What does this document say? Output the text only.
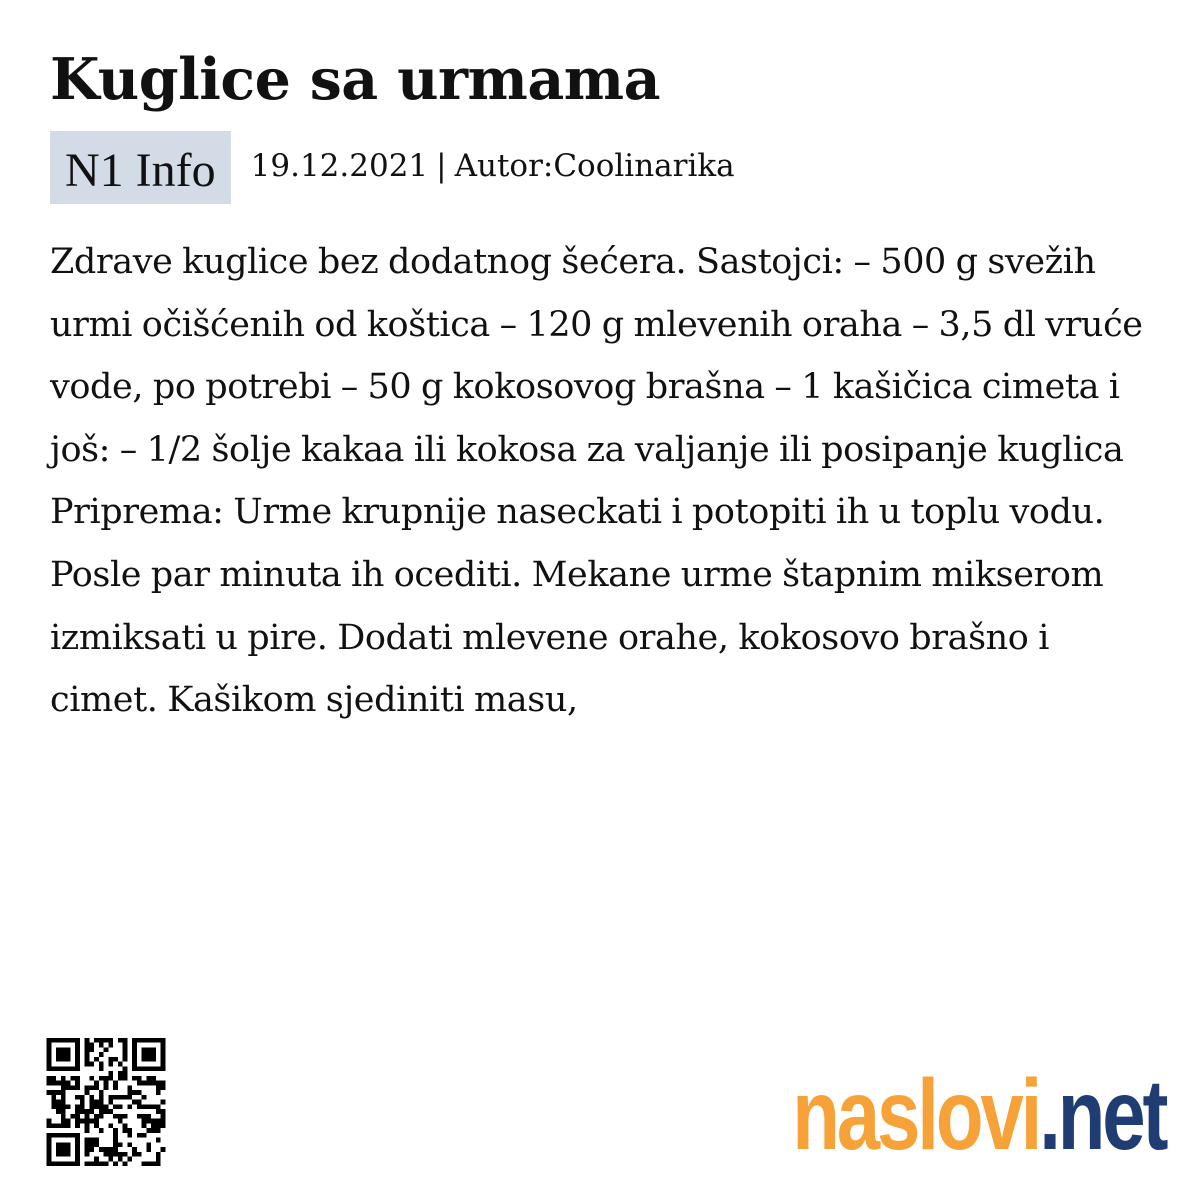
Kuglice sa urmama
N1 Info	19.12.2021 | Autor:Coolinarika

Zdrave kuglice bez dodatnog šećera. Sastojci: – 500 g svežih urmi očišćenih od koštica – 120 g mlevenih oraha – 3,5 dl vruće vode, po potrebi – 50 g kokosovog brašna – 1 kašičica cimeta i još: – 1/2 šolje kakaa ili kokosa za valjanje ili posipanje kuglica Priprema: Urme krupnije naseckati i potopiti ih u toplu vodu. Posle par minuta ih ocediti. Mekane urme štapnim mikserom izmiksati u pire. Dodati mlevene orahe, kokosovo brašno i cimet. Kašikom sjediniti masu,

naslovi.net
